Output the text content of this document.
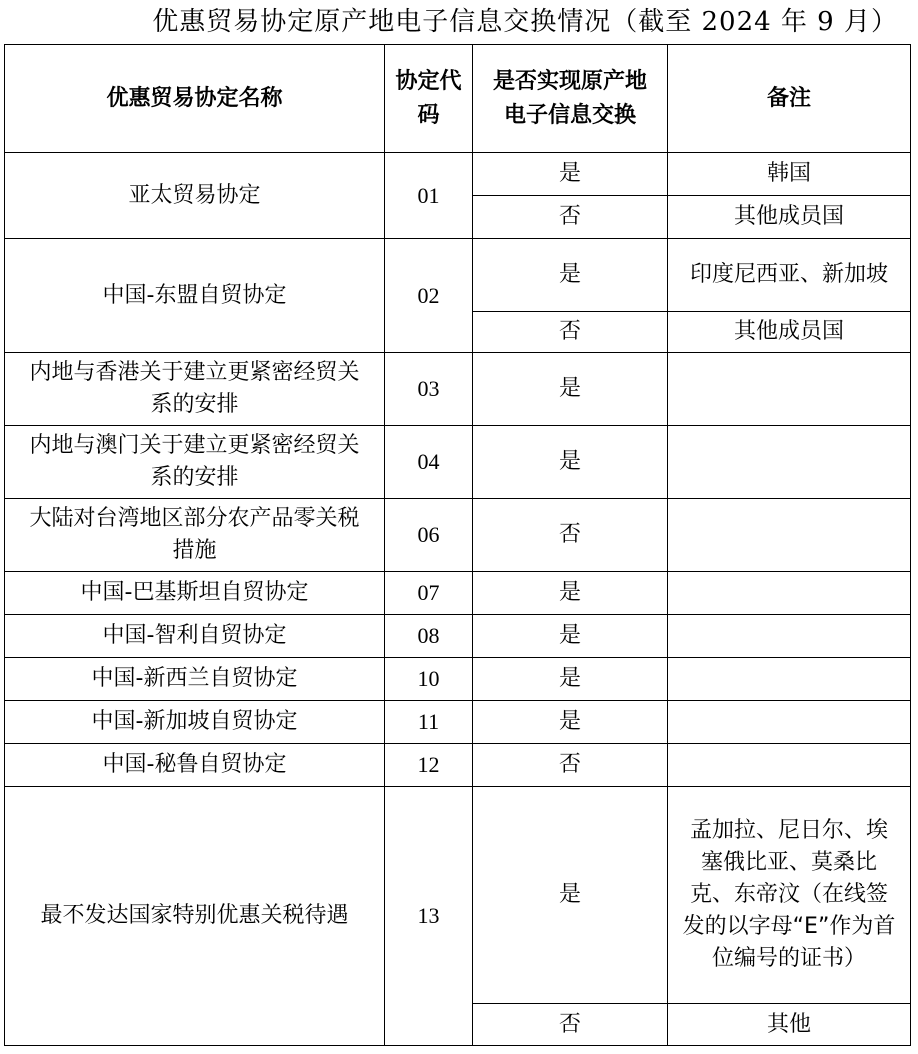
优惠贸易协定原产地电子信息交换情况（截至 2024 年 9 月）
优惠贸易协定名称	协定代码	是否实现原产地电子信息交换	备注
亚太贸易协定	01	是	韩国
		否	其他成员国
中国-东盟自贸协定	02	是	印度尼西亚、新加坡
		否	其他成员国
内地与香港关于建立更紧密经贸关系的安排	03	是	
内地与澳门关于建立更紧密经贸关系的安排	04	是	
大陆对台湾地区部分农产品零关税措施	06	否	
中国-巴基斯坦自贸协定	07	是	
中国-智利自贸协定	08	是	
中国-新西兰自贸协定	10	是	
中国-新加坡自贸协定	11	是	
中国-秘鲁自贸协定	12	否	
最不发达国家特别优惠关税待遇	13	是	孟加拉、尼日尔、埃塞俄比亚、莫桑比克、东帝汶（在线签发的以字母“E”作为首位编号的证书）
		否	其他
